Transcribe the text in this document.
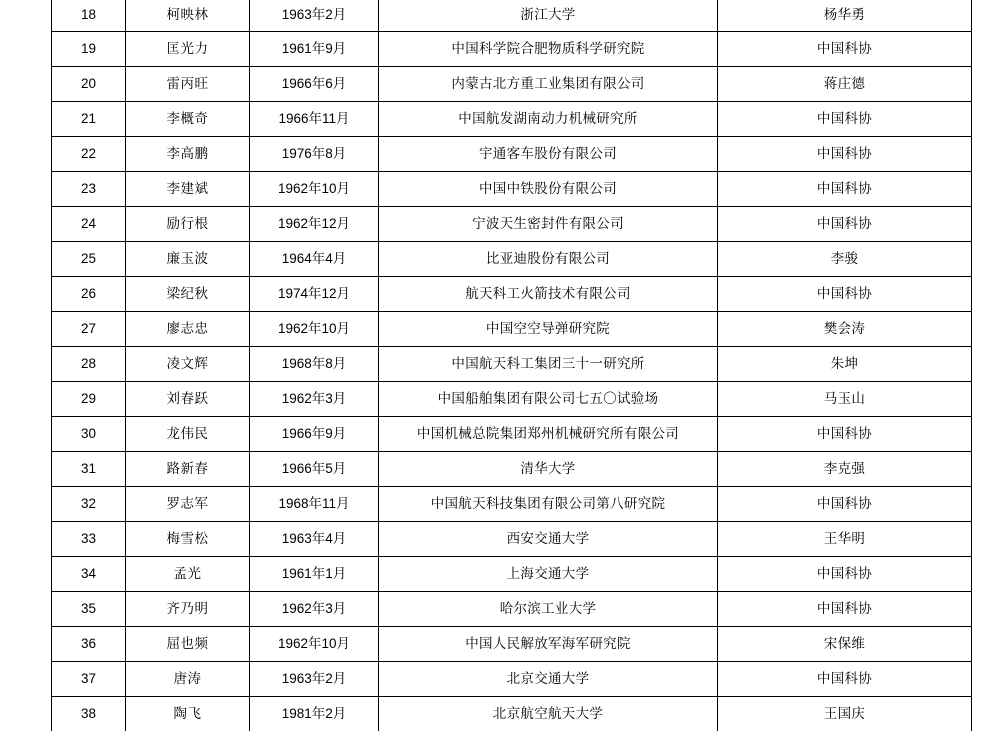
18	柯映林	1963年2月	浙江大学	杨华勇
19	匡光力	1961年9月	中国科学院合肥物质科学研究院	中国科协
20	雷丙旺	1966年6月	内蒙古北方重工业集团有限公司	蒋庄德
21	李概奇	1966年11月	中国航发湖南动力机械研究所	中国科协
22	李高鹏	1976年8月	宇通客车股份有限公司	中国科协
23	李建斌	1962年10月	中国中铁股份有限公司	中国科协
24	励行根	1962年12月	宁波天生密封件有限公司	中国科协
25	廉玉波	1964年4月	比亚迪股份有限公司	李骏
26	梁纪秋	1974年12月	航天科工火箭技术有限公司	中国科协
27	廖志忠	1962年10月	中国空空导弹研究院	樊会涛
28	凌文辉	1968年8月	中国航天科工集团三十一研究所	朱坤
29	刘春跃	1962年3月	中国船舶集团有限公司七五〇试验场	马玉山
30	龙伟民	1966年9月	中国机械总院集团郑州机械研究所有限公司	中国科协
31	路新春	1966年5月	清华大学	李克强
32	罗志军	1968年11月	中国航天科技集团有限公司第八研究院	中国科协
33	梅雪松	1963年4月	西安交通大学	王华明
34	孟光	1961年1月	上海交通大学	中国科协
35	齐乃明	1962年3月	哈尔滨工业大学	中国科协
36	屈也频	1962年10月	中国人民解放军海军研究院	宋保维
37	唐涛	1963年2月	北京交通大学	中国科协
38	陶飞	1981年2月	北京航空航天大学	王国庆
